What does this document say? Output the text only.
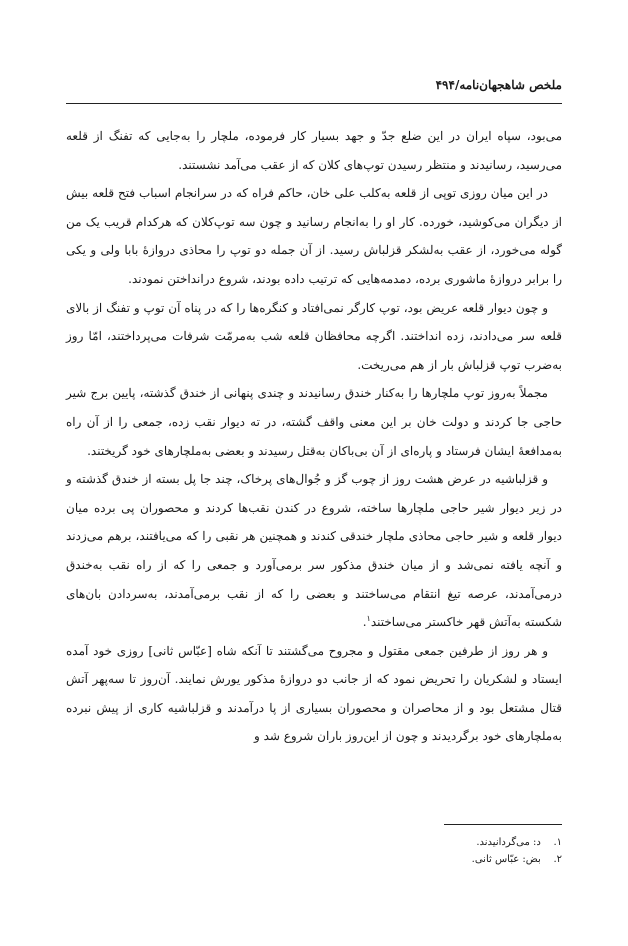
ملخص شاهجهان‌نامه/۴۹۴

می‌بود، سپاه ایران در این ضلع جدّ و جهد بسیار کار فرموده، ملچار را به‌جایی که تفنگ از قلعه می‌رسید، رسانیدند و منتظر رسیدن توپ‌های کلان که از عقب می‌آمد نشستند.

در این میان روزی توپی از قلعه به‌کلب علی خان، حاکم فراه که در سرانجام اسباب فتح قلعه بیش از دیگران می‌کوشید، خورده. کار او را به‌انجام رسانید و چون سه توپ‌کلان که هرکدام قریب یک من گوله می‌خورد، از عقب به‌لشکر قزلباش رسید. از آن جمله دو توپ را محاذی دروازۀ بابا ولی و یکی را برابر دروازۀ ماشوری برده، دمدمه‌هایی که ترتیب داده بودند، شروع درانداختن نمودند.

و چون دیوار قلعه عریض بود، توپ کارگر نمی‌افتاد و کنگره‌ها را که در پناه آن توپ و تفنگ از بالای قلعه سر می‌دادند، زده انداختند. اگرچه محافظان قلعه شب به‌مرمّت شرفات می‌پرداختند، امّا روز به‌ضرب توپ قزلباش بار از هم می‌ریخت.

مجملاً به‌روز توپ ملچارها را به‌کنار خندق رسانیدند و چندی پنهانی از خندق گذشته، پایین برج شیر حاجی جا کردند و دولت خان بر این معنی واقف گشته، در ته دیوار نقب زده، جمعی را از آن راه به‌مدافعۀ ایشان فرستاد و پاره‌ای از آن بی‌باکان به‌قتل رسیدند و بعضی به‌ملچارهای خود گریختند.

و قزلباشیه در عرض هشت روز از چوب گز و جُوال‌های پرخاک، چند جا پل بسته از خندق گذشته و در زیر دیوار شیر حاجی ملچارها ساخته، شروع در کندن نقب‌ها کردند و محصوران پی برده میان دیوار قلعه و شیر حاجی محاذی ملچار خندقی کندند و همچنین هر نقبی را که می‌یافتند، برهم می‌زدند و آنچه یافته نمی‌شد و از میان خندق مذکور سر برمی‌آورد و جمعی را که از راه نقب به‌خندق درمی‌آمدند، عرصه تیغ انتقام می‌ساختند و بعضی را که از نقب برمی‌آمدند، به‌سردادن بان‌های شکسته به‌آتش قهر خاکستر می‌ساختند$^۱$.

و هر روز از طرفین جمعی مقتول و مجروح می‌گشتند تا آنکه شاه [عبّاس ثانی] روزی خود آمده ایستاد و لشکریان را تحریض نمود که از جانب دو دروازۀ مذکور یورش نمایند. آن‌روز تا سه‌پهر آتش قتال مشتعل بود و از محاصران و محصوران بسیاری از پا درآمدند و قزلباشیه کاری از پیش نبرده به‌ملچارهای خود برگردیدند و چون از این‌روز باران شروع شد و

۱. د: می‌گردانیدند.
۲. بض: عبّاس ثانی.
